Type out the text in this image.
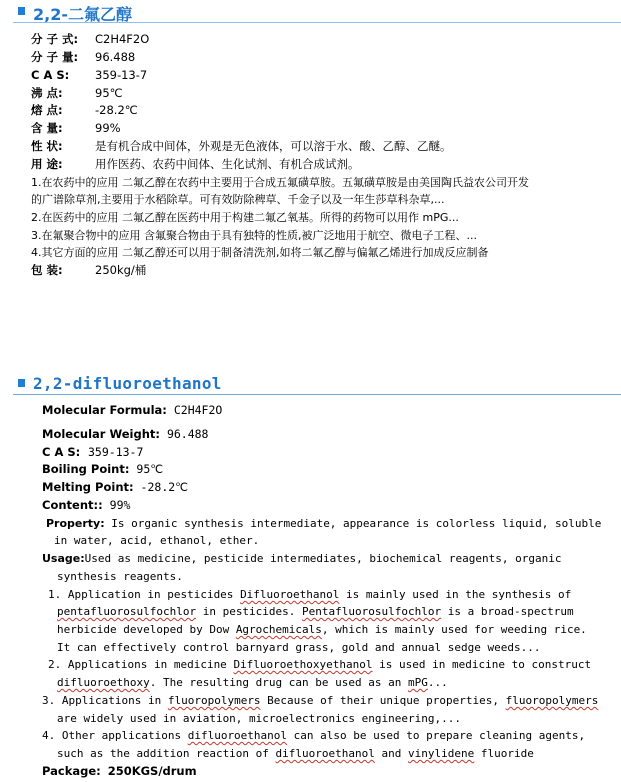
2,2-二氟乙醇
分 子 式: C2H4F2O
分 子 量: 96.488
C A S: 359-13-7
沸 点:	95℃
熔 点:	-28.2℃
含 量:	99%
性 状:	是有机合成中间体，外观是无色液体，可以溶于水、酸、乙醇、乙醚。
用 途:	用作医药、农药中间体、生化试剂、有机合成试剂。
1.在农药中的应用 二氟乙醇在农药中主要用于合成五氟磺草胺。五氟磺草胺是由美国陶氏益农公司开发
的广谱除草剂,主要用于水稻除草。可有效防除稗草、千金子以及一年生莎草科杂草,...
2.在医药中的应用 二氟乙醇在医药中用于构建二氟乙氧基。所得的药物可以用作 mPG...
3.在氟聚合物中的应用 含氟聚合物由于具有独特的性质,被广泛地用于航空、微电子工程、...
4.其它方面的应用 二氟乙醇还可以用于制备清洗剂,如将二氟乙醇与偏氟乙烯进行加成反应制备
包 装:	250kg/桶
2,2-difluoroethanol
Molecular Formula: C2H4F2O
Molecular Weight: 96.488
C A S: 359-13-7
Boiling Point: 95℃
Melting Point: -28.2℃
Content:: 99%
Property: Is organic synthesis intermediate, appearance is colorless liquid, soluble
in water, acid, ethanol, ether.
Usage:Used as medicine, pesticide intermediates, biochemical reagents, organic
synthesis reagents.
1. Application in pesticides Difluoroethanol is mainly used in the synthesis of
pentafluorosulfochlor in pesticides. Pentafluorosulfochlor is a broad-spectrum
herbicide developed by Dow Agrochemicals, which is mainly used for weeding rice.
It can effectively control barnyard grass, gold and annual sedge weeds...
2. Applications in medicine Difluoroethoxyethanol is used in medicine to construct
difluoroethoxy. The resulting drug can be used as an mPG...
3. Applications in fluoropolymers Because of their unique properties, fluoropolymers
are widely used in aviation, microelectronics engineering,...
4. Other applications difluoroethanol can also be used to prepare cleaning agents,
such as the addition reaction of difluoroethanol and vinylidene fluoride
Package: 250KGS/drum
